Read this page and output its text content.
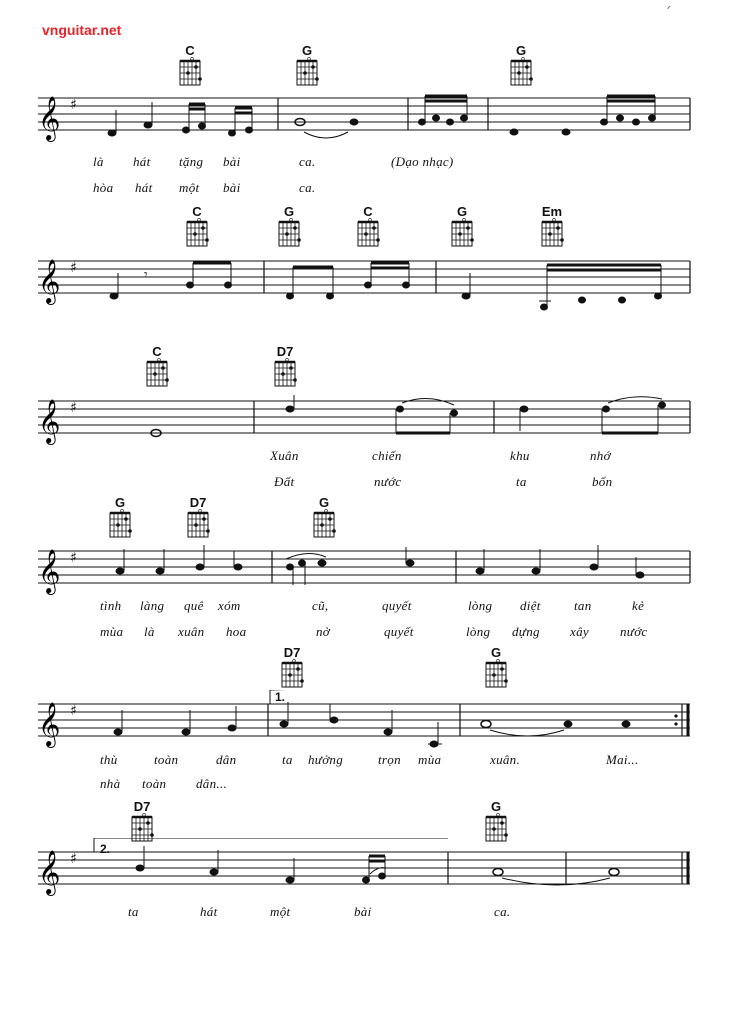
vnguitar.net
ˊ
C	G	G
𝄞 ♯
là hát tặng bài	ca.	(Dạo nhạc)
hòa hát một bài	ca.
C	G	C	G	Em
𝄞 ♯	𝄾
C	D7
𝄞 ♯
Xuân	chiến	khu	nhớ
Đất	nước	ta	bốn
G	D7	G
𝄞 ♯
tình làng quê xóm	cũ,	quyết	lòng diệt	tan	kẻ
mùa là xuân hoa	nở	quyết	lòng dựng xây nước
D7	G
1.
𝄞 ♯
thù	toàn	dân	ta hưởng	trọn mùa	xuân.	Mai...
nhà toàn dân...
D7	G
2.
𝄞 ♯
ta	hát	một	bài	ca.
